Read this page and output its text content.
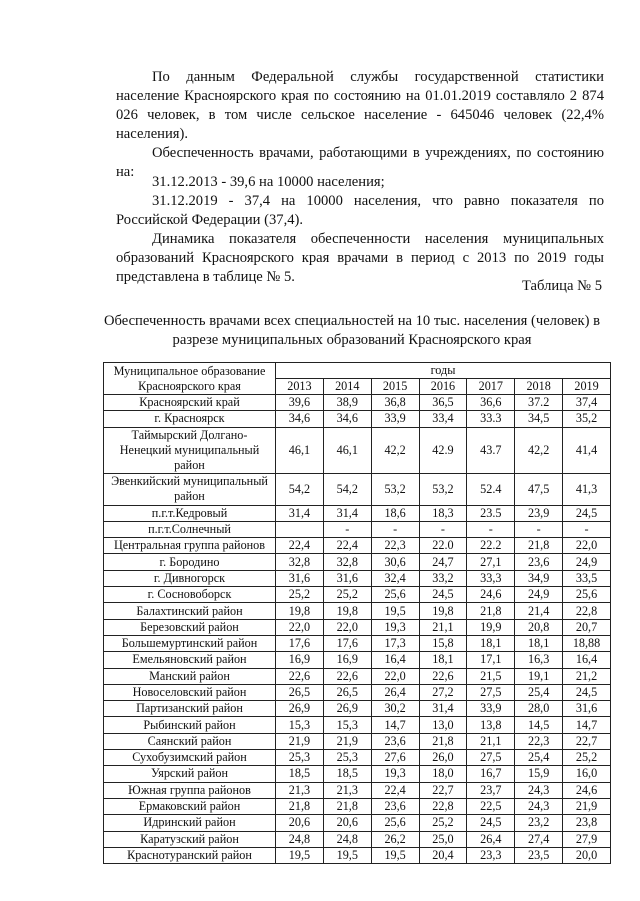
По данным Федеральной службы государственной статистики население Красноярского края по состоянию на 01.01.2019 составляло 2 874 026 человек, в том числе сельское население - 645046 человек (22,4% населения).
Обеспеченность врачами, работающими в учреждениях, по состоянию на:
31.12.2013 - 39,6 на 10000 населения;
31.12.2019 - 37,4 на 10000 населения, что равно показателя по Российской Федерации (37,4).
Динамика показателя обеспеченности населения муниципальных образований Красноярского края врачами в период с 2013 по 2019 годы представлена в таблице № 5.
Таблица № 5
Обеспеченность врачами всех специальностей на 10 тыс. населения (человек) в разрезе муниципальных образований Красноярского края
Муниципальное образование Красноярского края	годы						
	2013	2014	2015	2016	2017	2018	2019
Красноярский край	39,6	38,9	36,8	36,5	36,6	37.2	37,4
г. Красноярск	34,6	34,6	33,9	33,4	33.3	34,5	35,2
Таймырский Долгано-Ненецкий муниципальный район	46,1	46,1	42,2	42.9	43.7	42,2	41,4
Эвенкийский муниципальный район	54,2	54,2	53,2	53,2	52.4	47,5	41,3
п.г.т.Кедровый	31,4	31,4	18,6	18,3	23.5	23,9	24,5
п.г.т.Солнечный		-	-	-	-	-	-
Центральная группа районов	22,4	22,4	22,3	22.0	22.2	21,8	22,0
г. Бородино	32,8	32,8	30,6	24,7	27,1	23,6	24,9
г. Дивногорск	31,6	31,6	32,4	33,2	33,3	34,9	33,5
г. Сосновоборск	25,2	25,2	25,6	24,5	24,6	24,9	25,6
Балахтинский район	19,8	19,8	19,5	19,8	21,8	21,4	22,8
Березовский район	22,0	22,0	19,3	21,1	19,9	20,8	20,7
Большемуртинский район	17,6	17,6	17,3	15,8	18,1	18,1	18,88
Емельяновский район	16,9	16,9	16,4	18,1	17,1	16,3	16,4
Манский район	22,6	22,6	22,0	22,6	21,5	19,1	21,2
Новоселовский район	26,5	26,5	26,4	27,2	27,5	25,4	24,5
Партизанский район	26,9	26,9	30,2	31,4	33,9	28,0	31,6
Рыбинский район	15,3	15,3	14,7	13,0	13,8	14,5	14,7
Саянский район	21,9	21,9	23,6	21,8	21,1	22,3	22,7
Сухобузимский район	25,3	25,3	27,6	26,0	27,5	25,4	25,2
Уярский район	18,5	18,5	19,3	18,0	16,7	15,9	16,0
Южная группа районов	21,3	21,3	22,4	22,7	23,7	24,3	24,6
Ермаковский район	21,8	21,8	23,6	22,8	22,5	24,3	21,9
Идринский район	20,6	20,6	25,6	25,2	24,5	23,2	23,8
Каратузский район	24,8	24,8	26,2	25,0	26,4	27,4	27,9
Краснотуранский район	19,5	19,5	19,5	20,4	23,3	23,5	20,0
